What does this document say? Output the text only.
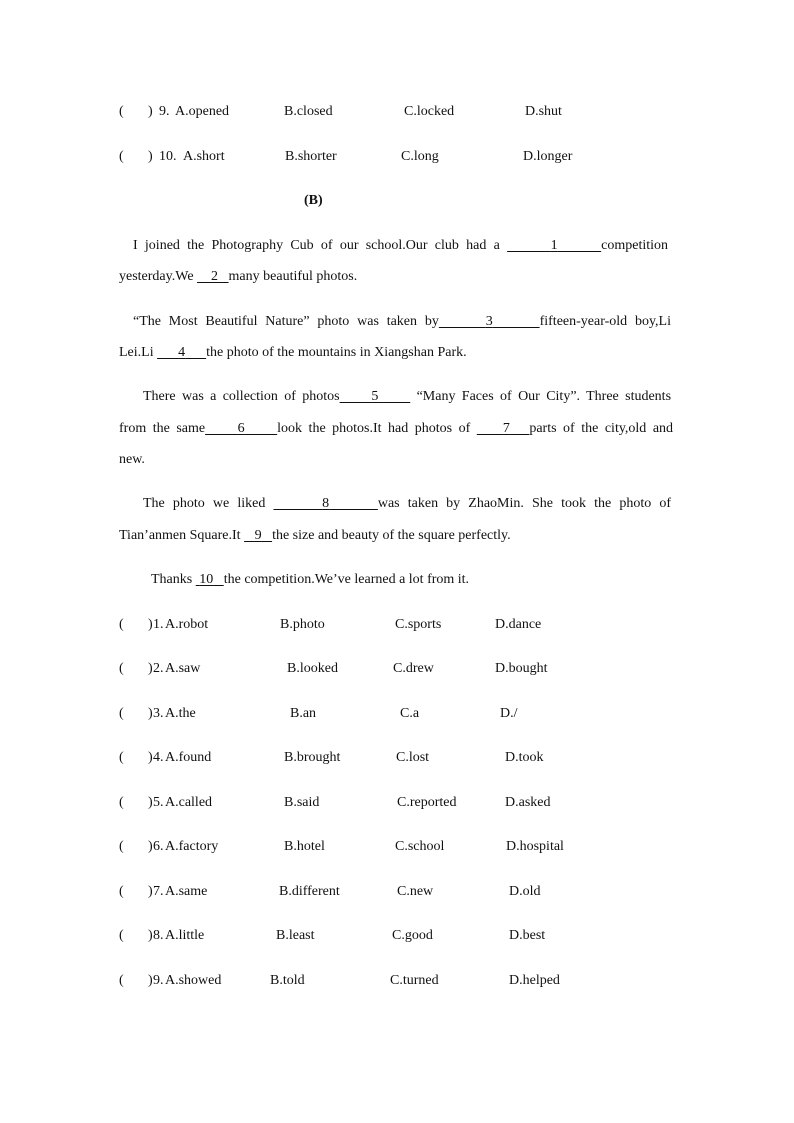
( ) 9. A.opened	B.closed	C.locked	D.shut
( ) 10. A.short	B.shorter	C.long	D.longer
(B)
I joined the Photography Cub of our school.Our club had a	1	competition
yesterday.We 2 many beautiful photos.
“The Most Beautiful Nature” photo was taken by	3	fifteen-year-old boy,Li
Lei.Li 4 the photo of the mountains in Xiangshan Park.
There was a collection of photos 5	“Many Faces of Our City”. Three students
from the same 6 look the photos.It had photos of 7 parts of the city,old and
new.
The photo we liked	8	was taken by ZhaoMin. She took the photo of
Tian’anmen Square.It 9 the size and beauty of the square perfectly.
Thanks 10 the competition.We’ve learned a lot from it.
( ) 1. A.robot	B.photo	C.sports	D.dance
( ) 2. A.saw	B.looked	C.drew	D.bought
( ) 3. A.the	B.an	C.a	D./
( ) 4. A.found	B.brought	C.lost	D.took
( ) 5. A.called	B.said	C.reported	D.asked
( ) 6. A.factory	B.hotel	C.school	D.hospital
( ) 7. A.same	B.different	C.new	D.old
( ) 8. A.little	B.least	C.good	D.best
( ) 9. A.showed	B.told	C.turned	D.helped
